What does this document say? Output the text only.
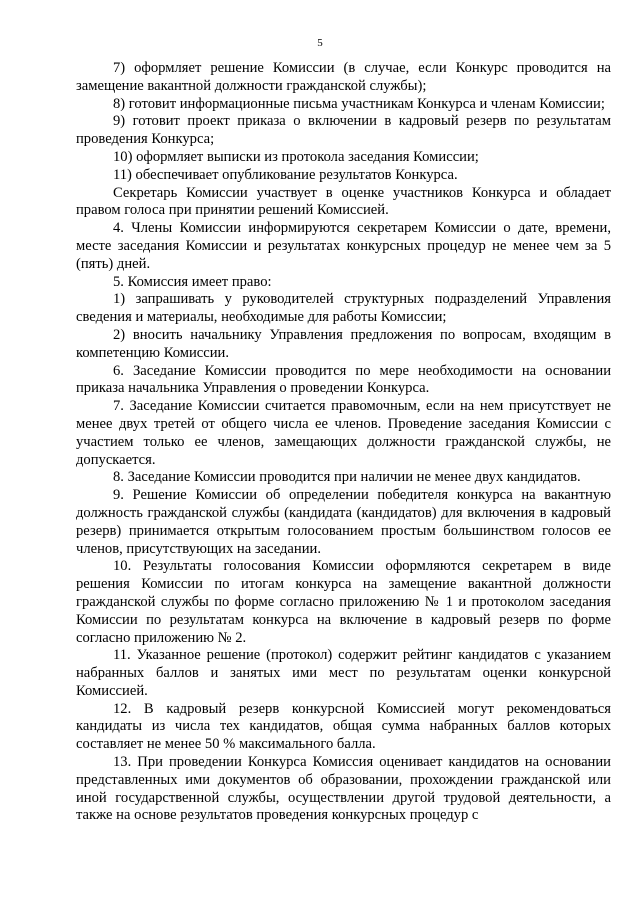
5

7) оформляет решение Комиссии (в случае, если Конкурс проводится на замещение вакантной должности гражданской службы);

8) готовит информационные письма участникам Конкурса и членам Комиссии;

9) готовит проект приказа о включении в кадровый резерв по результатам проведения Конкурса;

10) оформляет выписки из протокола заседания Комиссии;

11) обеспечивает опубликование результатов Конкурса.

Секретарь Комиссии участвует в оценке участников Конкурса и обладает правом голоса при принятии решений Комиссией.

4. Члены Комиссии информируются секретарем Комиссии о дате, времени, месте заседания Комиссии и результатах конкурсных процедур не менее чем за 5 (пять) дней.

5. Комиссия имеет право:

1) запрашивать у руководителей структурных подразделений Управления сведения и материалы, необходимые для работы Комиссии;

2) вносить начальнику Управления предложения по вопросам, входящим в компетенцию Комиссии.

6. Заседание Комиссии проводится по мере необходимости на основании приказа начальника Управления о проведении Конкурса.

7. Заседание Комиссии считается правомочным, если на нем присутствует не менее двух третей от общего числа ее членов. Проведение заседания Комиссии с участием только ее членов, замещающих должности гражданской службы, не допускается.

8. Заседание Комиссии проводится при наличии не менее двух кандидатов.

9. Решение Комиссии об определении победителя конкурса на вакантную должность гражданской службы (кандидата (кандидатов) для включения в кадровый резерв) принимается открытым голосованием простым большинством голосов ее членов, присутствующих на заседании.

10. Результаты голосования Комиссии оформляются секретарем в виде решения Комиссии по итогам конкурса на замещение вакантной должности гражданской службы по форме согласно приложению № 1 и протоколом заседания Комиссии по результатам конкурса на включение в кадровый резерв по форме согласно приложению № 2.

11. Указанное решение (протокол) содержит рейтинг кандидатов с указанием набранных баллов и занятых ими мест по результатам оценки конкурсной Комиссией.

12. В кадровый резерв конкурсной Комиссией могут рекомендоваться кандидаты из числа тех кандидатов, общая сумма набранных баллов которых составляет не менее 50 % максимального балла.

13. При проведении Конкурса Комиссия оценивает кандидатов на основании представленных ими документов об образовании, прохождении гражданской или иной государственной службы, осуществлении другой трудовой деятельности, а также на основе результатов проведения конкурсных процедур с
